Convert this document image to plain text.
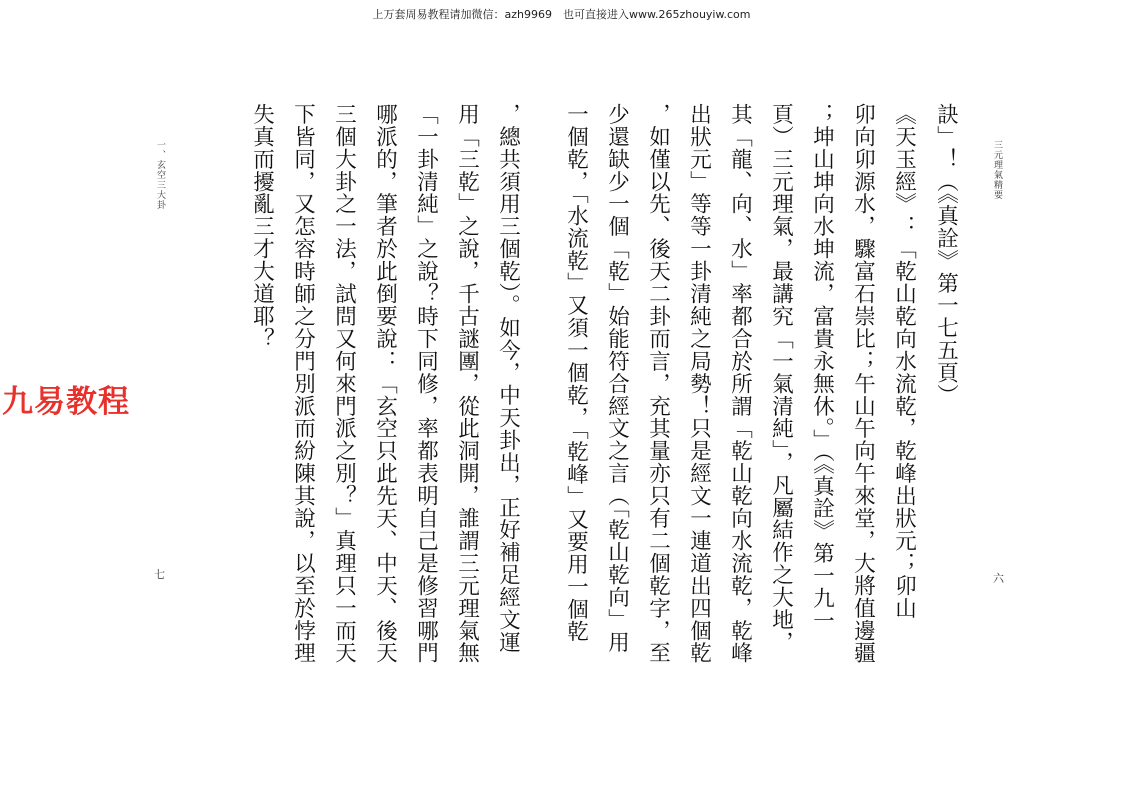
上万套周易教程请加微信：azh9969　也可直接进入www.265zhouyiw.com
九易教程
三元理氣精要
六

訣」！（《真詮》第一七五頁）

《天玉經》：「乾山乾向水流乾，乾峰出狀元；卯山

卯向卯源水，驟富石崇比；午山午向午來堂，大將值邊疆

；坤山坤向水坤流，富貴永無休。」（《真詮》第一九一

頁）三元理氣，最講究「一氣清純」，凡屬結作之大地，

其「龍、向、水」率都合於所謂「乾山乾向水流乾，乾峰

出狀元」等等一卦清純之局勢！只是經文一連道出四個乾

，如僅以先、後天二卦而言，充其量亦只有二個乾字，至

少還缺少一個「乾」始能符合經文之言（「乾山乾向」用

一個乾，「水流乾」又須一個乾，「乾峰」又要用一個乾

，總共須用三個乾）。如今，中天卦出，正好補足經文運

用「三乾」之說，千古謎團，從此洞開，誰謂三元理氣無

「一卦清純」之說？時下同修，率都表明自己是修習哪門

哪派的，筆者於此倒要說：「玄空只此先天、中天、後天

三個大卦之一法，試問又何來門派之別？」真理只一而天

下皆同，又怎容時師之分門別派而紛陳其說，以至於悖理

失真而擾亂三才大道耶？

一、玄空三大卦
七
